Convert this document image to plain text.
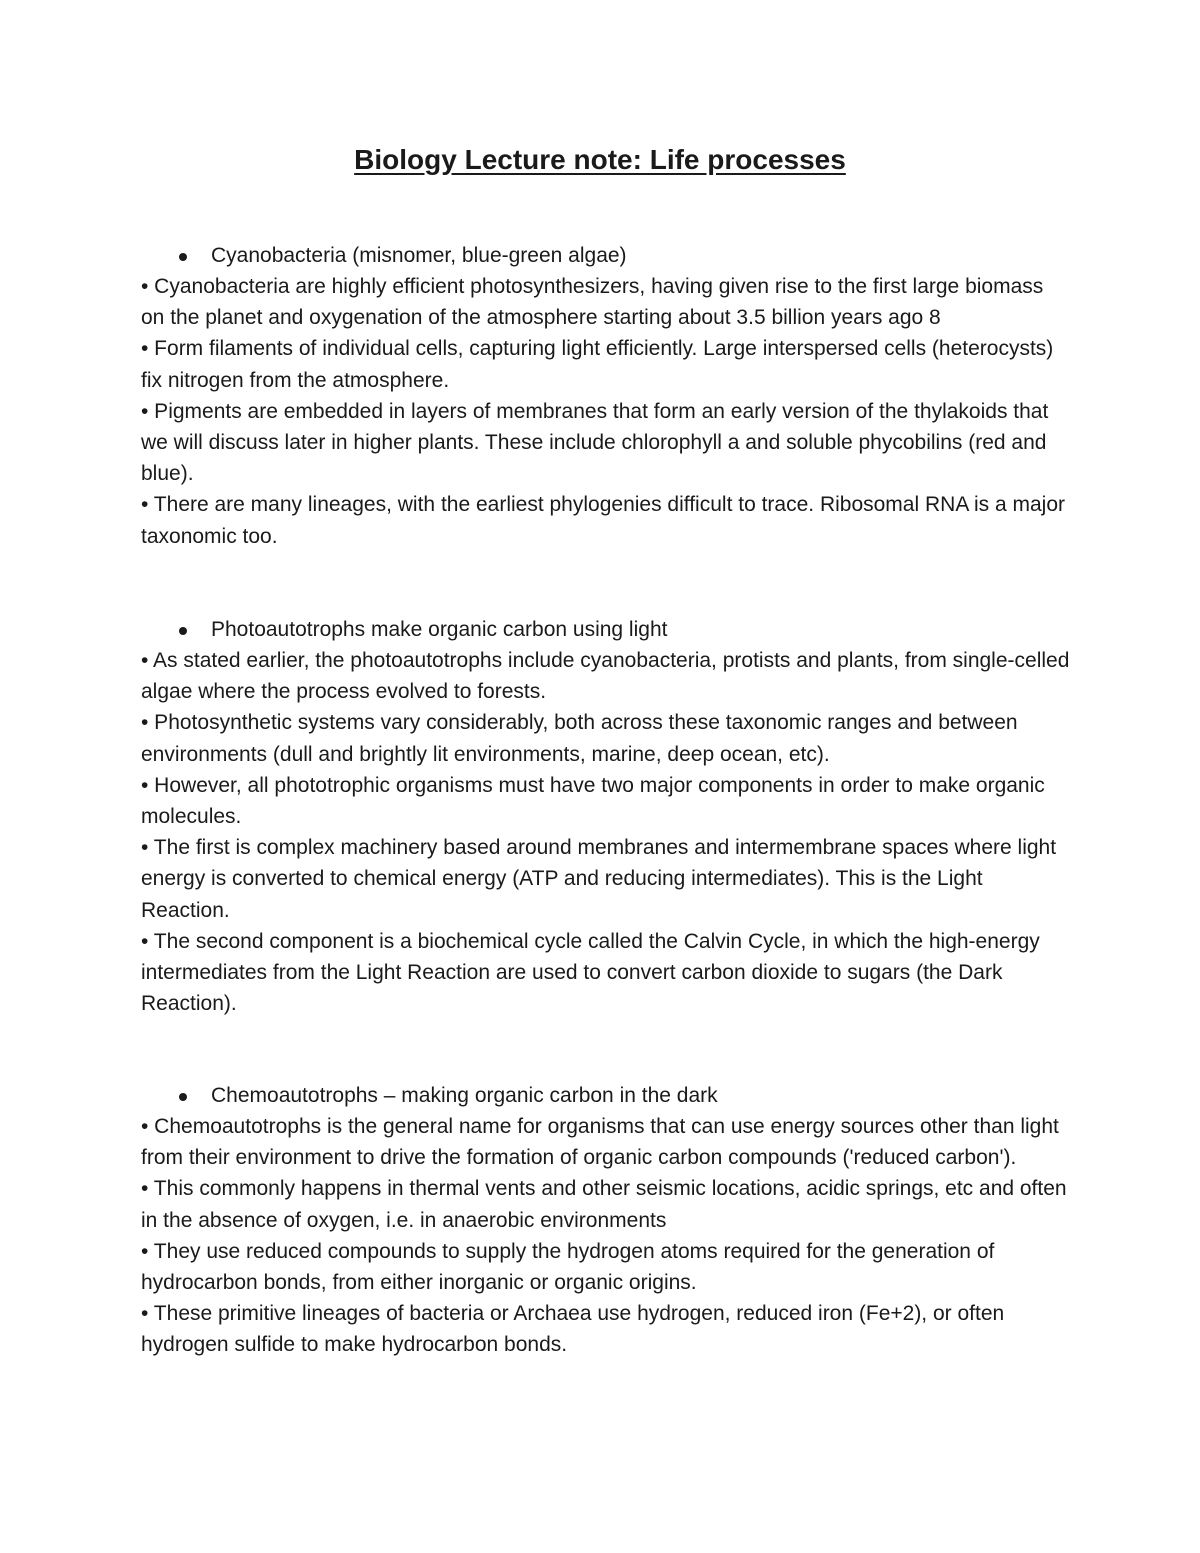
Biology Lecture note: Life processes
Cyanobacteria (misnomer, blue-green algae)

• Cyanobacteria are highly efficient photosynthesizers, having given rise to the first large biomass on the planet and oxygenation of the atmosphere starting about 3.5 billion years ago 8

• Form filaments of individual cells, capturing light efficiently. Large interspersed cells (heterocysts) fix nitrogen from the atmosphere.

• Pigments are embedded in layers of membranes that form an early version of the thylakoids that we will discuss later in higher plants. These include chlorophyll a and soluble phycobilins (red and blue).

• There are many lineages, with the earliest phylogenies difficult to trace. Ribosomal RNA is a major taxonomic too.

Photoautotrophs make organic carbon using light

• As stated earlier, the photoautotrophs include cyanobacteria, protists and plants, from single-celled algae where the process evolved to forests.

• Photosynthetic systems vary considerably, both across these taxonomic ranges and between environments (dull and brightly lit environments, marine, deep ocean, etc).

• However, all phototrophic organisms must have two major components in order to make organic molecules.

• The first is complex machinery based around membranes and intermembrane spaces where light energy is converted to chemical energy (ATP and reducing intermediates). This is the Light Reaction.

• The second component is a biochemical cycle called the Calvin Cycle, in which the high-energy intermediates from the Light Reaction are used to convert carbon dioxide to sugars (the Dark Reaction).

Chemoautotrophs – making organic carbon in the dark

• Chemoautotrophs is the general name for organisms that can use energy sources other than light from their environment to drive the formation of organic carbon compounds ('reduced carbon').

• This commonly happens in thermal vents and other seismic locations, acidic springs, etc and often in the absence of oxygen, i.e. in anaerobic environments

• They use reduced compounds to supply the hydrogen atoms required for the generation of hydrocarbon bonds, from either inorganic or organic origins.

• These primitive lineages of bacteria or Archaea use hydrogen, reduced iron (Fe+2), or often hydrogen sulfide to make hydrocarbon bonds.
